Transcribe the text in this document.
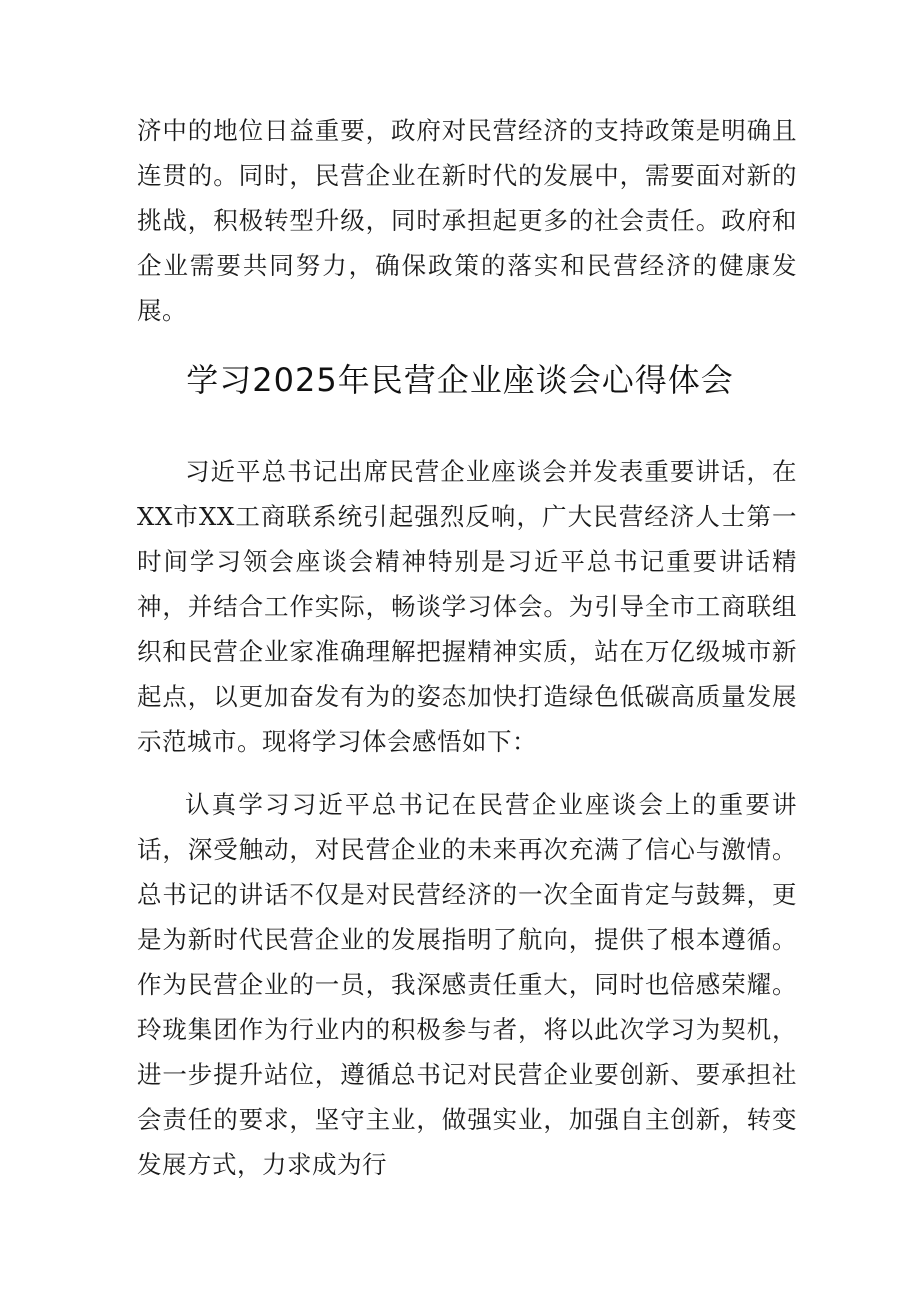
济中的地位日益重要，政府对民营经济的支持政策是明确且连贯的。同时，民营企业在新时代的发展中，需要面对新的挑战，积极转型升级，同时承担起更多的社会责任。政府和企业需要共同努力，确保政策的落实和民营经济的健康发展。

学习2025年民营企业座谈会心得体会

习近平总书记出席民营企业座谈会并发表重要讲话，在XX市XX工商联系统引起强烈反响，广大民营经济人士第一时间学习领会座谈会精神特别是习近平总书记重要讲话精神，并结合工作实际，畅谈学习体会。为引导全市工商联组织和民营企业家准确理解把握精神实质，站在万亿级城市新起点，以更加奋发有为的姿态加快打造绿色低碳高质量发展示范城市。现将学习体会感悟如下：

认真学习习近平总书记在民营企业座谈会上的重要讲话，深受触动，对民营企业的未来再次充满了信心与激情。总书记的讲话不仅是对民营经济的一次全面肯定与鼓舞，更是为新时代民营企业的发展指明了航向，提供了根本遵循。作为民营企业的一员，我深感责任重大，同时也倍感荣耀。玲珑集团作为行业内的积极参与者，将以此次学习为契机，进一步提升站位，遵循总书记对民营企业要创新、要承担社会责任的要求，坚守主业，做强实业，加强自主创新，转变发展方式，力求成为行
